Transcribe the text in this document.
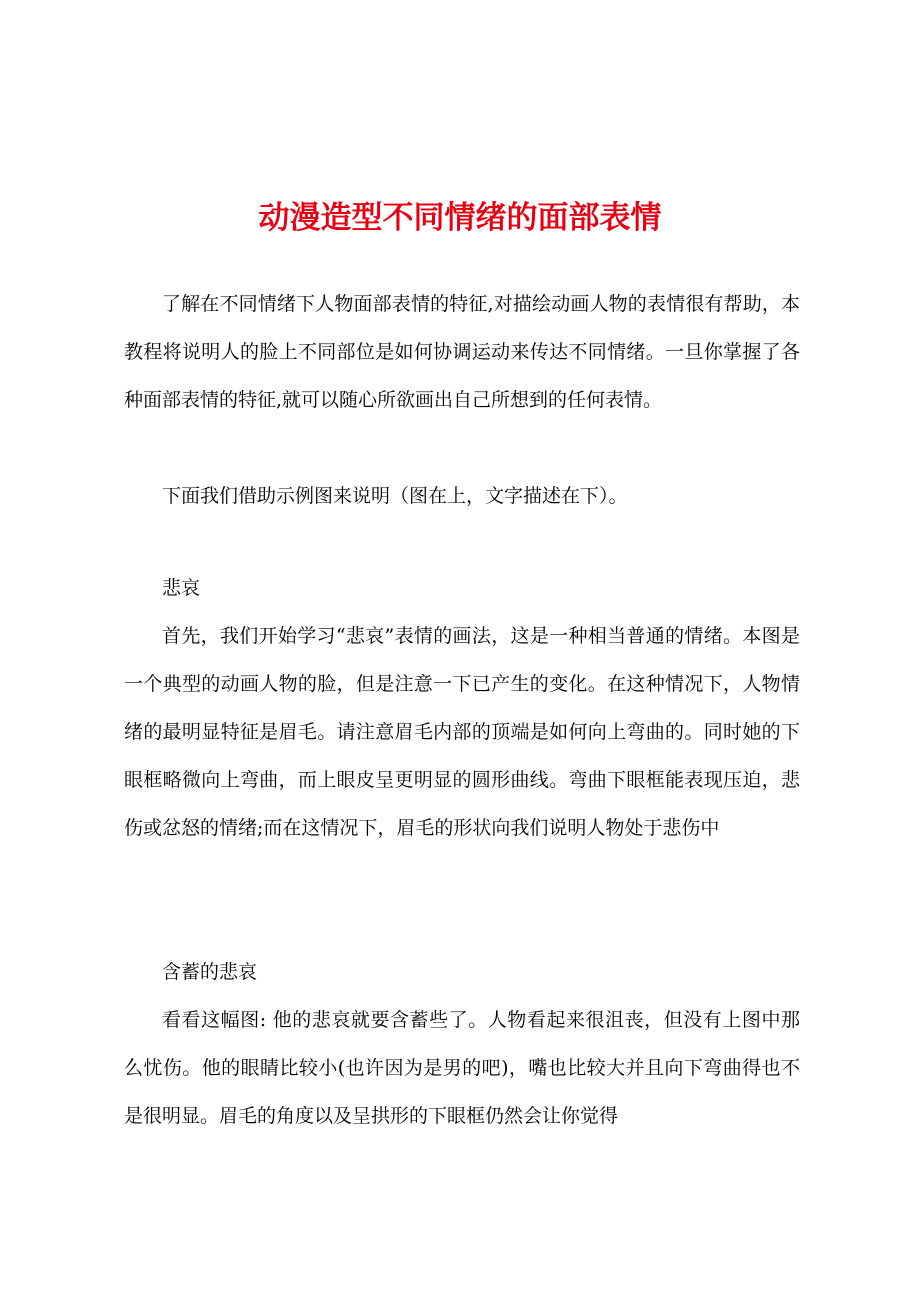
动漫造型不同情绪的面部表情

了解在不同情绪下人物面部表情的特征,对描绘动画人物的表情很有帮助，本教程将说明人的脸上不同部位是如何协调运动来传达不同情绪。一旦你掌握了各种面部表情的特征,就可以随心所欲画出自己所想到的任何表情。

下面我们借助示例图来说明（图在上，文字描述在下）。

悲哀

首先，我们开始学习“悲哀”表情的画法，这是一种相当普通的情绪。本图是一个典型的动画人物的脸，但是注意一下已产生的变化。在这种情况下，人物情绪的最明显特征是眉毛。请注意眉毛内部的顶端是如何向上弯曲的。同时她的下眼框略微向上弯曲，而上眼皮呈更明显的圆形曲线。弯曲下眼框能表现压迫，悲伤或忿怒的情绪;而在这情况下，眉毛的形状向我们说明人物处于悲伤中

含蓄的悲哀

看看这幅图: 他的悲哀就要含蓄些了。人物看起来很沮丧，但没有上图中那么忧伤。他的眼睛比较小(也许因为是男的吧)，嘴也比较大并且向下弯曲得也不是很明显。眉毛的角度以及呈拱形的下眼框仍然会让你觉得
